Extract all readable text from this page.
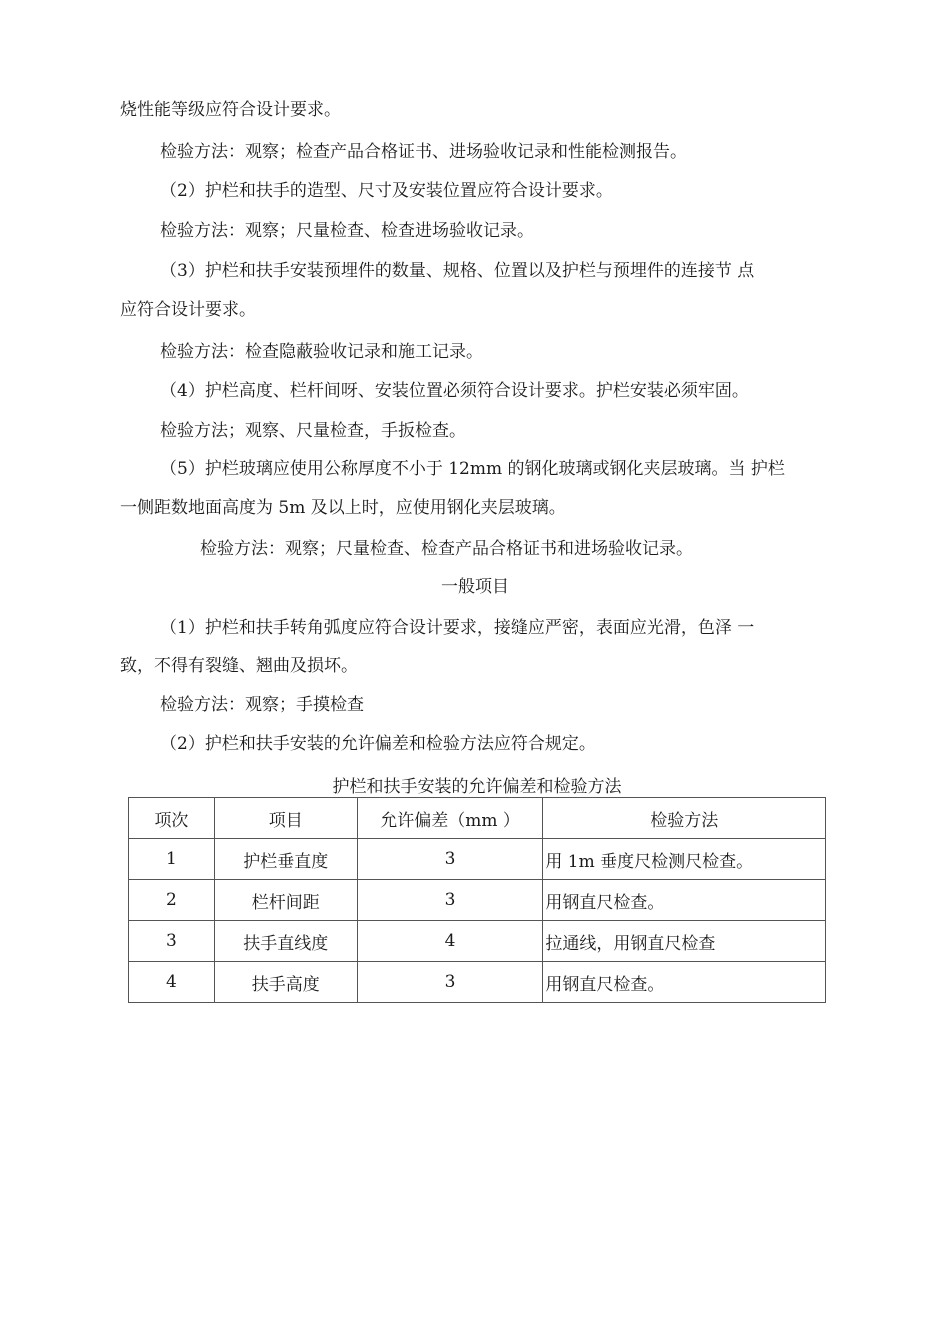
烧性能等级应符合设计要求。

检验方法：观察；检查产品合格证书、进场验收记录和性能检测报告。

（2）护栏和扶手的造型、尺寸及安装位置应符合设计要求。

检验方法：观察；尺量检查、检查进场验收记录。

（3）护栏和扶手安装预埋件的数量、规格、位置以及护栏与预埋件的连接节 点

应符合设计要求。

检验方法：检查隐蔽验收记录和施工记录。

（4）护栏高度、栏杆间呀、安装位置必须符合设计要求。护栏安装必须牢固。

检验方法；观察、尺量检查，手扳检查。

（5）护栏玻璃应使用公称厚度不小于 12mm 的钢化玻璃或钢化夹层玻璃。当 护栏

一侧距数地面高度为 5m 及以上时，应使用钢化夹层玻璃。

检验方法：观察；尺量检查、检查产品合格证书和进场验收记录。

一般项目

（1）护栏和扶手转角弧度应符合设计要求，接缝应严密，表面应光滑，色泽 一

致，不得有裂缝、翘曲及损坏。

检验方法：观察；手摸检查

（2）护栏和扶手安装的允许偏差和检验方法应符合规定。

护栏和扶手安装的允许偏差和检验方法
项次	项目	允许偏差（mm ）	检验方法
1	护栏垂直度	3	用 1m 垂度尺检测尺检查。
2	栏杆间距	3	用钢直尺检查。
3	扶手直线度	4	拉通线，用钢直尺检查
4	扶手高度	3	用钢直尺检查。
